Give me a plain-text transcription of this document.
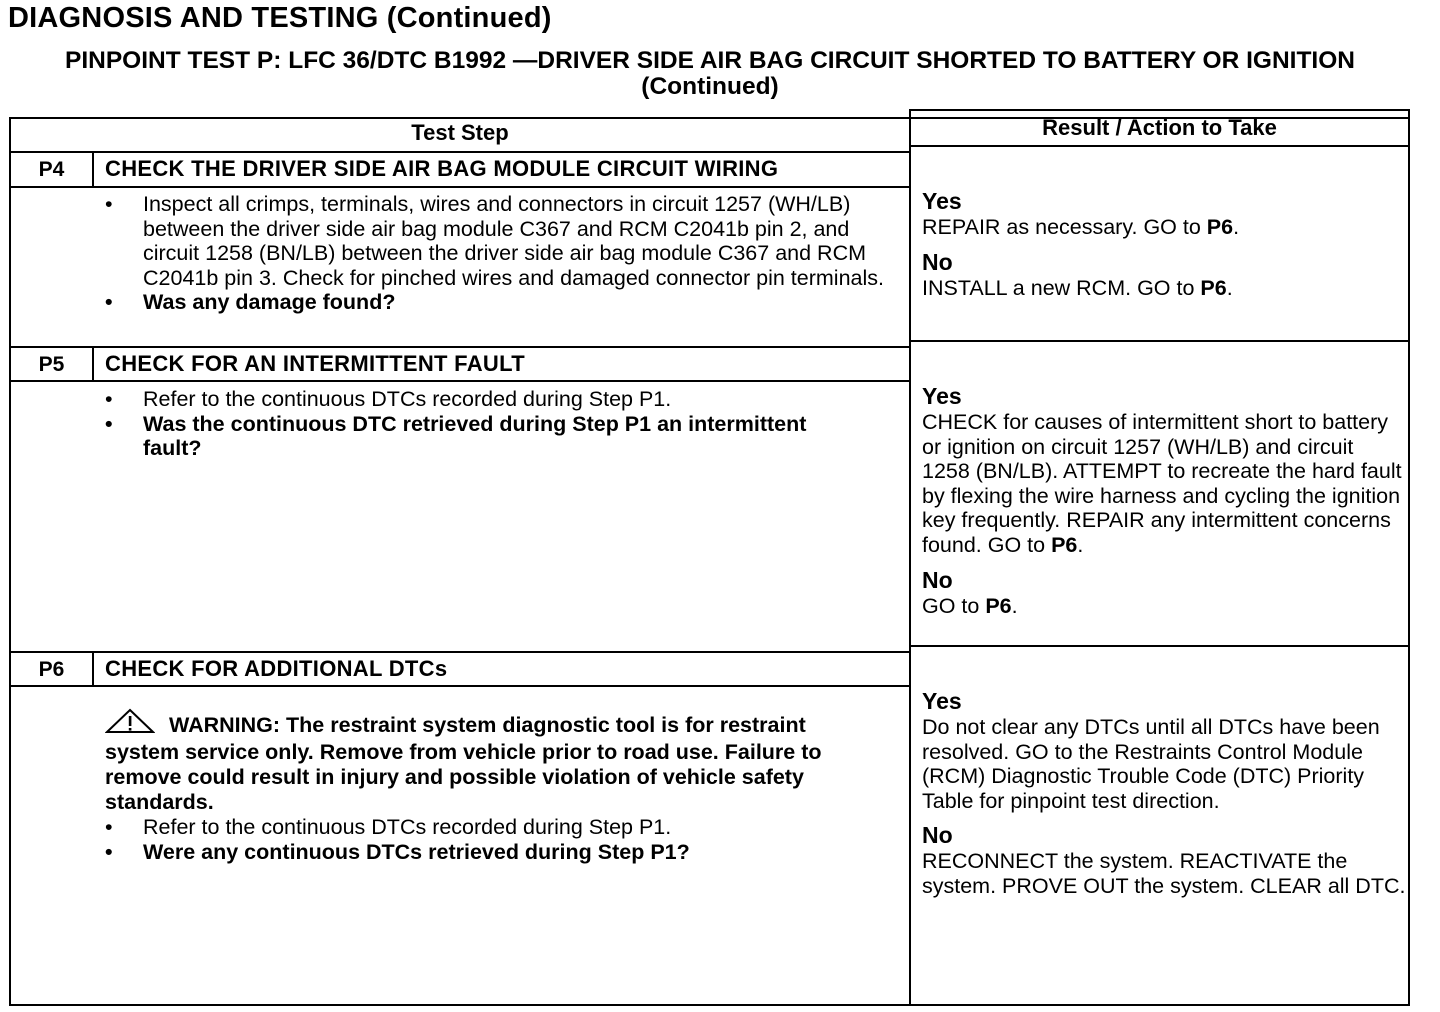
DIAGNOSIS AND TESTING (Continued)
PINPOINT TEST P: LFC 36/DTC B1992 —DRIVER SIDE AIR BAG CIRCUIT SHORTED TO BATTERY OR IGNITION (Continued)
Test Step	Result / Action to Take
P4	CHECK THE DRIVER SIDE AIR BAG MODULE CIRCUIT WIRING
• Inspect all crimps, terminals, wires and connectors in circuit 1257 (WH/LB) between the driver side air bag module C367 and RCM C2041b pin 2, and circuit 1258 (BN/LB) between the driver side air bag module C367 and RCM C2041b pin 3. Check for pinched wires and damaged connector pin terminals.
• Was any damage found?
Yes
REPAIR as necessary. GO to P6.
No
INSTALL a new RCM. GO to P6.
P5	CHECK FOR AN INTERMITTENT FAULT
• Refer to the continuous DTCs recorded during Step P1.
• Was the continuous DTC retrieved during Step P1 an intermittent fault?
Yes
CHECK for causes of intermittent short to battery or ignition on circuit 1257 (WH/LB) and circuit 1258 (BN/LB). ATTEMPT to recreate the hard fault by flexing the wire harness and cycling the ignition key frequently. REPAIR any intermittent concerns found. GO to P6.
No
GO to P6.
P6	CHECK FOR ADDITIONAL DTCs

WARNING: The restraint system diagnostic tool is for restraint system service only. Remove from vehicle prior to road use. Failure to remove could result in injury and possible violation of vehicle safety standards.

• Refer to the continuous DTCs recorded during Step P1.
• Were any continuous DTCs retrieved during Step P1?
Yes
Do not clear any DTCs until all DTCs have been resolved. GO to the Restraints Control Module (RCM) Diagnostic Trouble Code (DTC) Priority Table for pinpoint test direction.
No
RECONNECT the system. REACTIVATE the system. PROVE OUT the system. CLEAR all DTC.
